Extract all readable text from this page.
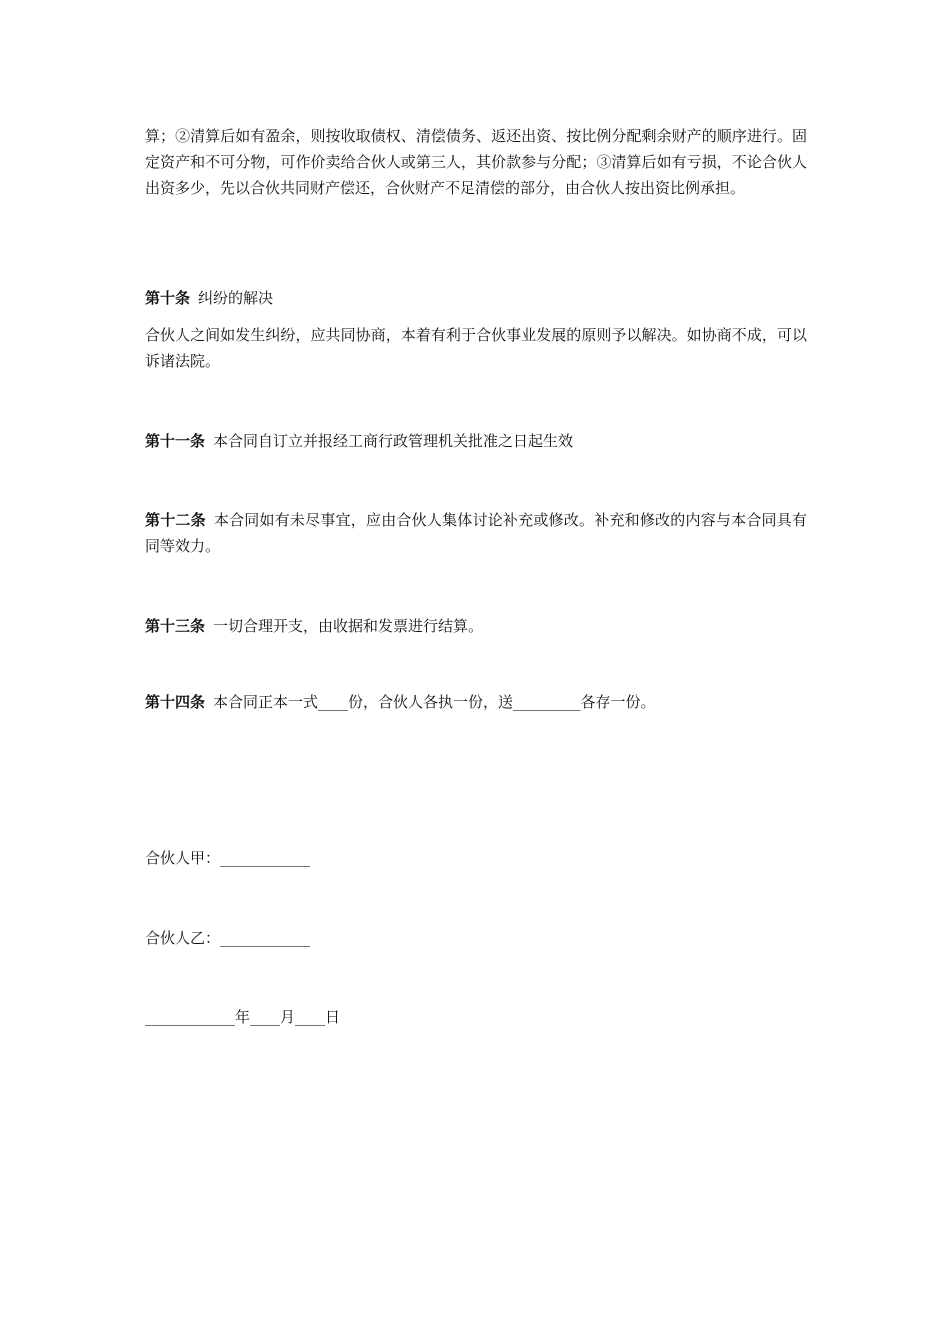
算；②清算后如有盈余，则按收取债权、清偿债务、返还出资、按比例分配剩余财产的顺序进行。固定资产和不可分物，可作价卖给合伙人或第三人，其价款参与分配；③清算后如有亏损，不论合伙人出资多少，先以合伙共同财产偿还，合伙财产不足清偿的部分，由合伙人按出资比例承担。
第十条 纠纷的解决
合伙人之间如发生纠纷，应共同协商，本着有利于合伙事业发展的原则予以解决。如协商不成，可以诉诸法院。
第十一条 本合同自订立并报经工商行政管理机关批准之日起生效
第十二条 本合同如有未尽事宜，应由合伙人集体讨论补充或修改。补充和修改的内容与本合同具有同等效力。
第十三条 一切合理开支，由收据和发票进行结算。
第十四条 本合同正本一式____份，合伙人各执一份，送_________各存一份。
合伙人甲：____________
合伙人乙：____________
____________年____月____日
